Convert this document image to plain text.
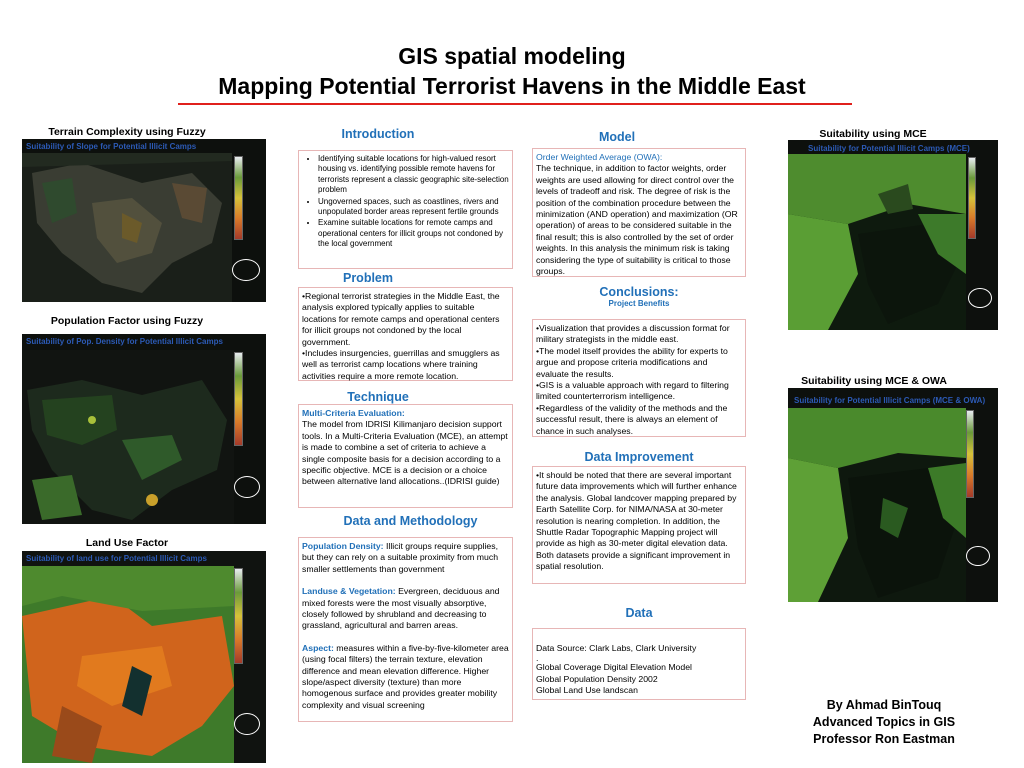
GIS spatial modeling
Mapping Potential Terrorist Havens in the Middle East
Terrain Complexity using Fuzzy
Suitability of Slope for Potential Illicit Camps

Population Factor using Fuzzy
Suitability of Pop. Density for Potential Illicit Camps
Land Use Factor
Suitability of land use for Potential Illicit Camps
Introduction
• Identifying suitable locations for high-valued resort housing vs. identifying possible remote havens for terrorists represent a classic geographic site-selection problem
• Ungoverned spaces, such as coastlines, rivers and unpopulated border areas represent fertile grounds
• Examine suitable locations for remote camps and operational centers for illicit groups not condoned by the local government
Problem

•Regional terrorist strategies in the Middle East, the analysis explored typically applies to suitable locations for remote camps and operational centers for illicit groups not condoned by the local government.

•Includes insurgencies, guerrillas and smugglers as well as terrorist camp locations where training activities require a more remote location.

Technique

Multi-Criteria Evaluation:

The model from IDRISI Kilimanjaro decision support tools. In a Multi-Criteria Evaluation (MCE), an attempt is made to combine a set of criteria to achieve a single composite basis for a decision according to a specific objective. MCE is a decision or a choice between alternative land allocations..(IDRISI guide)

Data and Methodology

Population Density: Illicit groups require supplies, but they can rely on a suitable proximity from much smaller settlements than government

Landuse & Vegetation: Evergreen, deciduous and mixed forests were the most visually absorptive, closely followed by shrubland and decreasing to grassland, agricultural and barren areas.

Aspect: measures within a five-by-five-kilometer area (using focal filters) the terrain texture, elevation difference and mean elevation difference. Higher slope/aspect diversity (texture) than more homogenous surface and provides greater mobility complexity and visual screening

Model

Order Weighted Average (OWA):

The technique, in addition to factor weights, order weights are used allowing for direct control over the levels of tradeoff and risk. The degree of risk is the position of the combination procedure between the minimization (AND operation) and maximization (OR operation) of areas to be considered suitable in the final result; this is also controlled by the set of order weights. In this analysis the minimum risk is taking considering the type of suitability is critical to those groups.

Conclusions:
Project Benefits

•Visualization that provides a discussion format for military strategists in the middle east.

•The model itself provides the ability for experts to argue and propose criteria modifications and evaluate the results.

•GIS is a valuable approach with regard to filtering limited counterterrorism intelligence.

•Regardless of the validity of the methods and the successful result, there is always an element of chance in such analyses.

Data Improvement

•It should be noted that there are several important future data improvements which will further enhance the analysis. Global landcover mapping prepared by Earth Satellite Corp. for NIMA/NASA at 30-meter resolution is nearing completion. In addition, the Shuttle Radar Topographic Mapping project will provide as high as 30-meter digital elevation data. Both datasets provide a significant improvement in spatial resolution.

Data

Data Source: Clark Labs, Clark University

.

Global Coverage Digital Elevation Model

Global Population Density 2002

Global Land Use landscan

Suitability using MCE
Suitability for Potential Illicit Camps (MCE)
Suitability using MCE & OWA
Suitability for Potential Illicit Camps (MCE & OWA)
By Ahmad BinTouq
Advanced Topics in GIS
Professor Ron Eastman
